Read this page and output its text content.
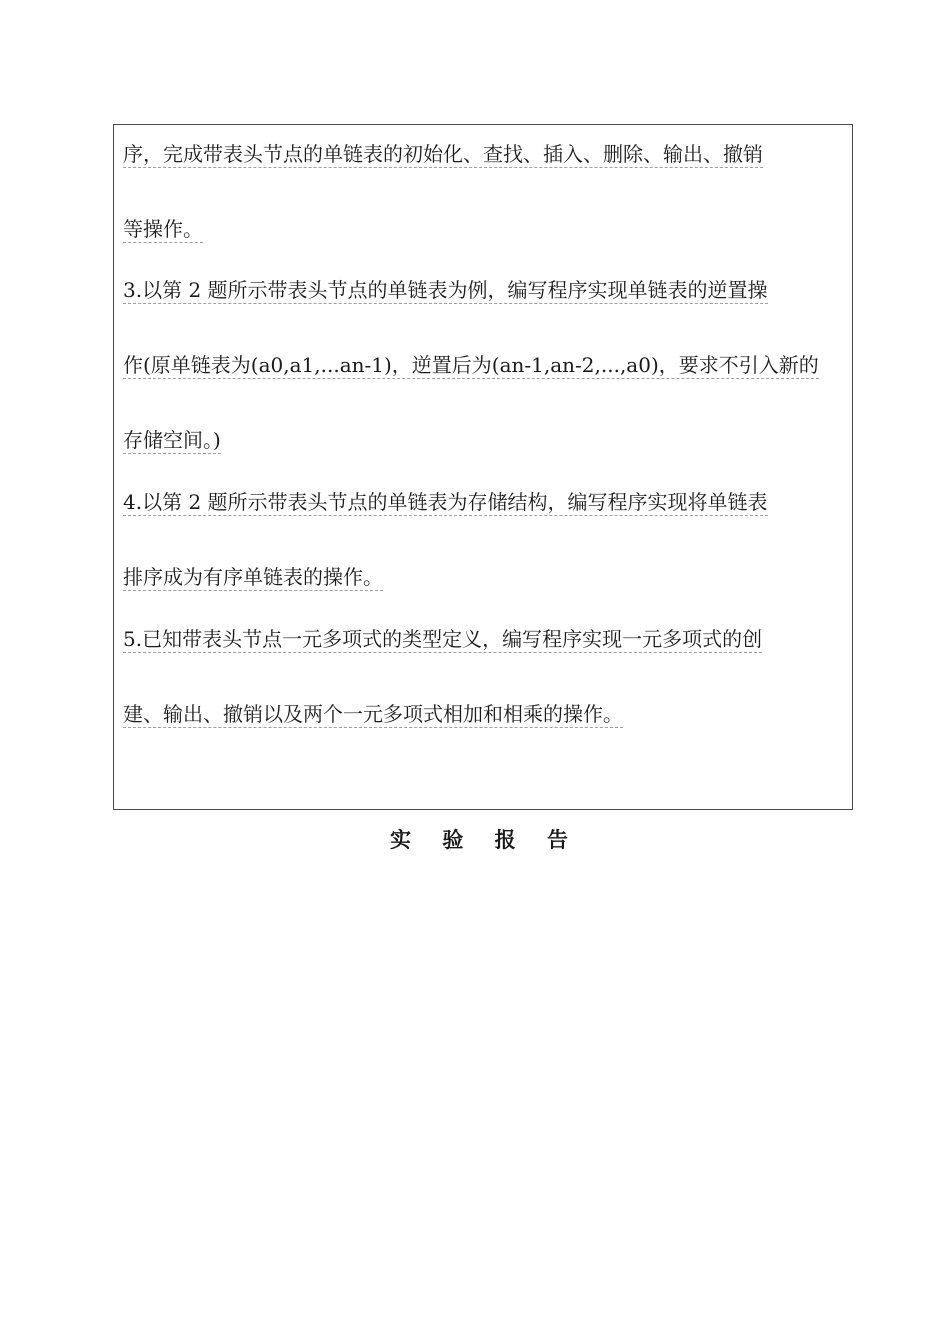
序，完成带表头节点的单链表的初始化、查找、插入、删除、输出、撤销
等操作。
3.以第 2 题所示带表头节点的单链表为例，编写程序实现单链表的逆置操
作(原单链表为(a0,a1,...an-1)，逆置后为(an-1,an-2,...,a0)，要求不引入新的
存储空间。)
4.以第 2 题所示带表头节点的单链表为存储结构，编写程序实现将单链表
排序成为有序单链表的操作。
5.已知带表头节点一元多项式的类型定义，编写程序实现一元多项式的创
建、输出、撤销以及两个一元多项式相加和相乘的操作。
实 验 报 告
